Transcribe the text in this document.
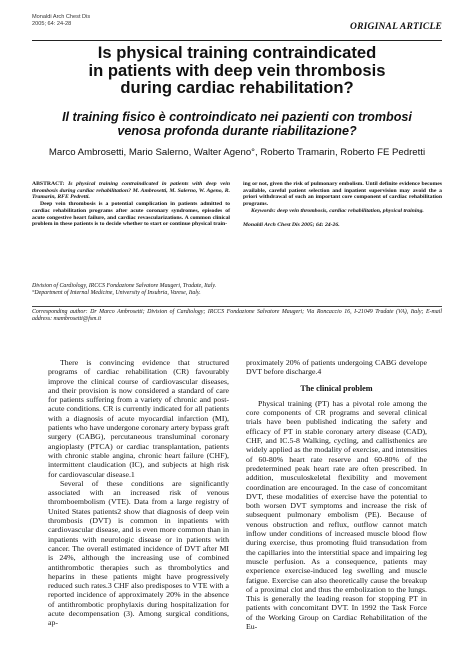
Monaldi Arch Chest Dis
2005; 64: 24-28	ORIGINAL ARTICLE
Is physical training contraindicated
in patients with deep vein thrombosis
during cardiac rehabilitation?
Il training fisico è controindicato nei pazienti con trombosi
venosa profonda durante riabilitazione?
Marco Ambrosetti, Mario Salerno, Walter Ageno°, Roberto Tramarin, Roberto FE Pedretti

ABSTRACT: Is physical training contraindicated in patients with deep vein thrombosis during cardiac rehabilitation? M. Ambrosetti, M. Salerno, W. Ageno, R. Tramarin, RFE Pedretti.

Deep vein thrombosis is a potential complication in patients admitted to cardiac rehabilitation programs after acute coronary syndromes, episodes of acute congestive heart failure, and cardiac revascularizations. A common clinical problem in these patients is to decide whether to start or continue physical train-

ing or not, given the risk of pulmonary embolism. Until definite evidence becomes available, careful patient selection and inpatient supervision may avoid the a priori withdrawal of such an important core component of cardiac rehabilitation programs.

Keywords: deep vein thrombosis, cardiac rehabilitation, physical training.

Monaldi Arch Chest Dis 2005; 64: 24-26.

Division of Cardiology, IRCCS Fondazione Salvatore Maugeri, Tradate, Italy.

°Department of Internal Medicine, University of Insubria, Varese, Italy.

Corresponding author: Dr Marco Ambrosetti; Division of Cardiology; IRCCS Fondazione Salvatore Maugeri; Via Roncaccio 16, I-21049 Tradate (VA), Italy; E-mail address: mambrosetti@fsm.it

There is convincing evidence that structured programs of cardiac rehabilitation (CR) favourably improve the clinical course of cardiovascular diseases, and their provision is now considered a standard of care for patients suffering from a variety of chronic and post-acute conditions. CR is currently indicated for all patients with a diagnosis of acute myocardial infarction (MI), patients who have undergone coronary artery bypass graft surgery (CABG), percutaneous transluminal coronary angioplasty (PTCA) or cardiac transplantation, patients with chronic stable angina, chronic heart failure (CHF), intermittent claudication (IC), and subjects at high risk for cardiovascular disease.1

Several of these conditions are significantly associated with an increased risk of venous thromboembolism (VTE). Data from a large registry of United States patients2 show that diagnosis of deep vein thrombosis (DVT) is common in inpatients with cardiovascular disease, and is even more common than in inpatients with neurologic disease or in patients with cancer. The overall estimated incidence of DVT after MI is 24%, although the increasing use of combined antithrombotic therapies such as thrombolytics and heparins in these patients might have progressively reduced such rates.3 CHF also predisposes to VTE with a reported incidence of approximately 20% in the absence of antithrombotic prophylaxis during hospitalization for acute decompensation (3). Among surgical conditions, ap-

proximately 20% of patients undergoing CABG develope DVT before discharge.4

The clinical problem

Physical training (PT) has a pivotal role among the core components of CR programs and several clinical trials have been published indicating the safety and efficacy of PT in stable coronary artery disease (CAD), CHF, and IC.5-8 Walking, cycling, and callisthenics are widely applied as the modality of exercise, and intensities of 60-80% heart rate reserve and 60-80% of the predetermined peak heart rate are often prescribed. In addition, musculoskeletal flexibility and movement coordination are encouraged. In the case of concomitant DVT, these modalities of exercise have the potential to both worsen DVT symptoms and increase the risk of subsequent pulmonary embolism (PE). Because of venous obstruction and reflux, outflow cannot match inflow under conditions of increased muscle blood flow during exercise, thus promoting fluid transudation from the capillaries into the interstitial space and impairing leg muscle perfusion. As a consequence, patients may experience exercise-induced leg swelling and muscle fatigue. Exercise can also theoretically cause the breakup of a proximal clot and thus the embolization to the lungs. This is generally the leading reason for stopping PT in patients with concomitant DVT. In 1992 the Task Force of the Working Group on Cardiac Rehabilitation of the Eu-
